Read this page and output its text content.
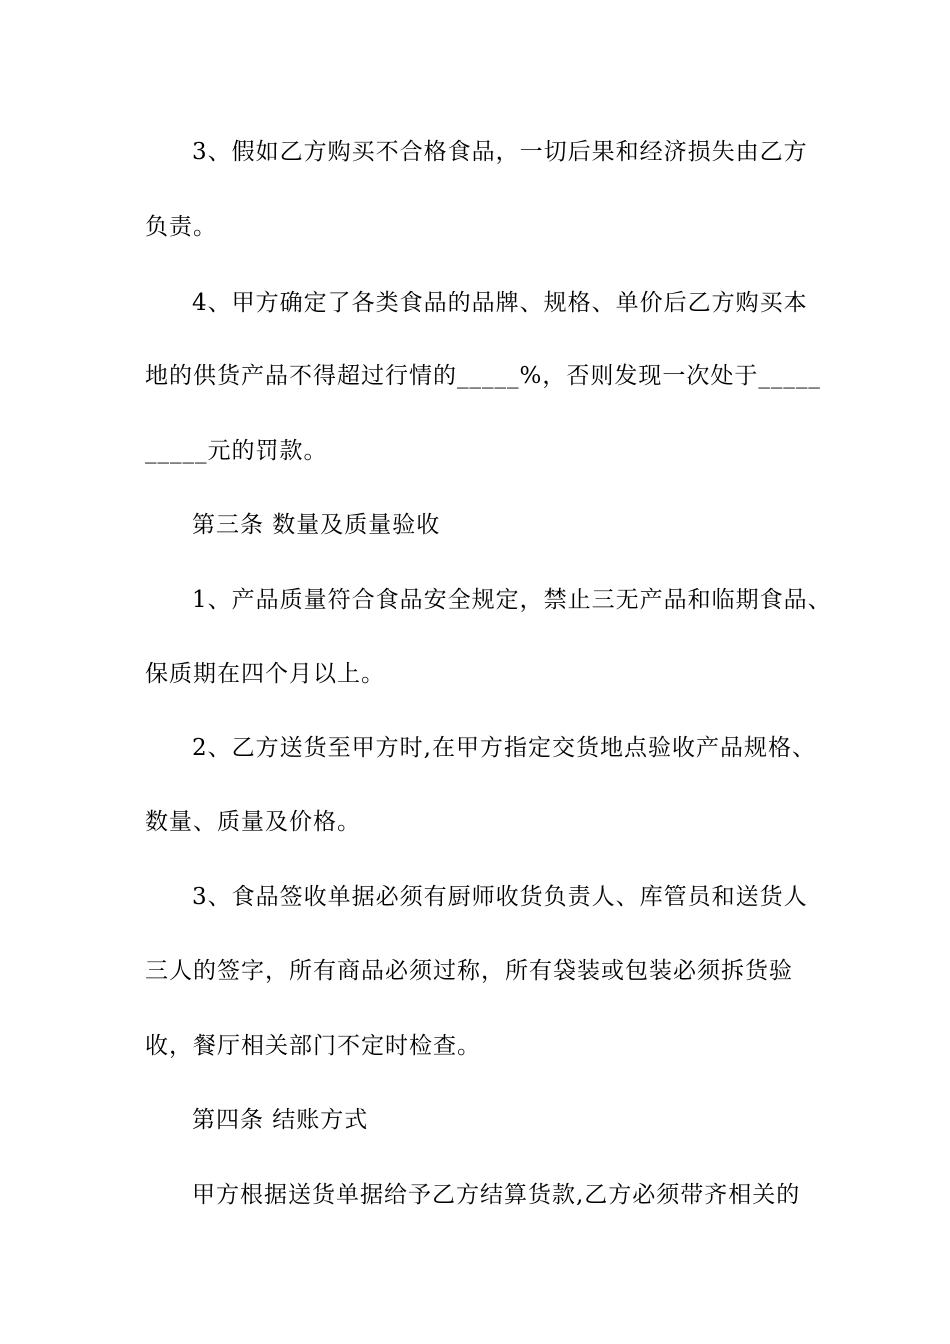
3、假如乙方购买不合格食品，一切后果和经济损失由乙方
负责。
4、甲方确定了各类食品的品牌、规格、单价后乙方购买本
地的供货产品不得超过行情的_____%，否则发现一次处于_____
_____元的罚款。
第三条 数量及质量验收
1、产品质量符合食品安全规定，禁止三无产品和临期食品、
保质期在四个月以上。
2、乙方送货至甲方时,在甲方指定交货地点验收产品规格、
数量、质量及价格。
3、食品签收单据必须有厨师收货负责人、库管员和送货人
三人的签字，所有商品必须过称，所有袋装或包装必须拆货验
收，餐厅相关部门不定时检查。
第四条 结账方式
甲方根据送货单据给予乙方结算货款,乙方必须带齐相关的
